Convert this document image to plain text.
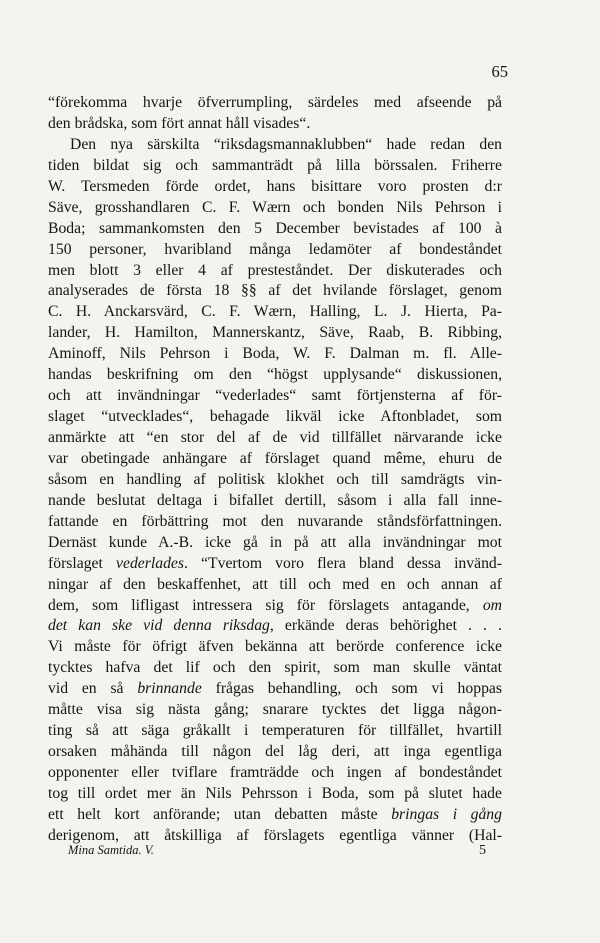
65
“förekomma hvarje öfverrumpling, särdeles med afseende på
den brådska, som fört annat håll visades“.
Den nya särskilta “riksdagsmannaklubben“ hade redan den
tiden bildat sig och sammanträdt på lilla börssalen. Friherre
W. Tersmeden förde ordet, hans bisittare voro prosten d:r
Säve, grosshandlaren C. F. Wærn och bonden Nils Pehrson i
Boda; sammankomsten den 5 December bevistades af 100 à
150 personer, hvaribland många ledamöter af bondeståndet
men blott 3 eller 4 af presteståndet. Der diskuterades och
analyserades de första 18 §§ af det hvilande förslaget, genom
C. H. Anckarsvärd, C. F. Wærn, Halling, L. J. Hierta, Pa-
lander, H. Hamilton, Mannerskantz, Säve, Raab, B. Ribbing,
Aminoff, Nils Pehrson i Boda, W. F. Dalman m. fl. Alle-
handas beskrifning om den “högst upplysande“ diskussionen,
och att invändningar “vederlades“ samt förtjensterna af för-
slaget “utvecklades“, behagade likväl icke Aftonbladet, som
anmärkte att “en stor del af de vid tillfället närvarande icke
var obetingade anhängare af förslaget quand même, ehuru de
såsom en handling af politisk klokhet och till samdrägts vin-
nande beslutat deltaga i bifallet dertill, såsom i alla fall inne-
fattande en förbättring mot den nuvarande ståndsförfattningen.
Dernäst kunde A.-B. icke gå in på att alla invändningar mot
förslaget vederlades. “Tvertom voro flera bland dessa invänd-
ningar af den beskaffenhet, att till och med en och annan af
dem, som lifligast intressera sig för förslagets antagande, om
det kan ske vid denna riksdag, erkände deras behörighet . . .
Vi måste för öfrigt äfven bekänna att berörde conference icke
tycktes hafva det lif och den spirit, som man skulle väntat
vid en så brinnande frågas behandling, och som vi hoppas
måtte visa sig nästa gång; snarare tycktes det ligga någon-
ting så att säga gråkallt i temperaturen för tillfället, hvartill
orsaken måhända till någon del låg deri, att inga egentliga
opponenter eller tviflare framträdde och ingen af bondeståndet
tog till ordet mer än Nils Pehrsson i Boda, som på slutet hade
ett helt kort anförande; utan debatten måste bringas i gång
derigenom, att åtskilliga af förslagets egentliga vänner (Hal-
Mina Samtida. V.	5
